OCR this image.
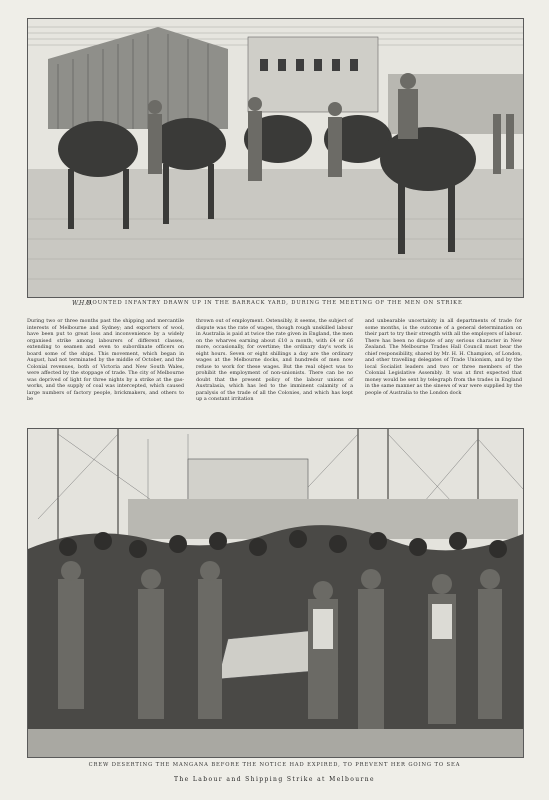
W.H.O.
MOUNTED INFANTRY DRAWN UP IN THE BARRACK YARD, DURING THE MEETING OF THE MEN ON STRIKE
During two or three months past the shipping and mercantile interests of Melbourne and Sydney; and exporters of wool, have been put to great loss and inconvenience by a widely organised strike among labourers of different classes, extending to seamen and even to subordinate officers on board some of the ships. This movement, which began in August, had not terminated by the middle of October, and the Colonial revenues, both of Victoria and New South Wales, were affected by the stoppage of trade. The city of Melbourne was deprived of light for three nights by a strike at the gas-works, and the supply of coal was intercepted, which caused large numbers of factory people, brickmakers, and others to be
thrown out of employment. Ostensibly, it seems, the subject of dispute was the rate of wages, though rough unskilled labour in Australia is paid at twice the rate given in England, the men on the wharves earning about £10 a month, with £4 or £6 more, occasionally, for overtime; the ordinary day's work is eight hours. Seven or eight shillings a day are the ordinary wages at the Melbourne docks, and hundreds of men now refuse to work for these wages. But the real object was to prohibit the employment of non-unionists. There can be no doubt that the present policy of the labour unions of Australasia, which has led to the imminent calamity of a paralysis of the trade of all the Colonies, and which has kept up a constant irritation
and unbearable uncertainty in all departments of trade for some months, is the outcome of a general determination on their part to try their strength with all the employers of labour. There has been no dispute of any serious character in New Zealand. The Melbourne Trades Hall Council must bear the chief responsibility, shared by Mr. H. H. Champion, of London, and other travelling delegates of Trade Unionism, and by the local Socialist leaders and two or three members of the Colonial Legislative Assembly. It was at first expected that money would be sent by telegraph from the trades in England in the same manner as the sinews of war were supplied by the people of Australia to the London dock
CREW DESERTING THE MANGANA BEFORE THE NOTICE HAD EXPIRED, TO PREVENT HER GOING TO SEA
The Labour and Shipping Strike at Melbourne
